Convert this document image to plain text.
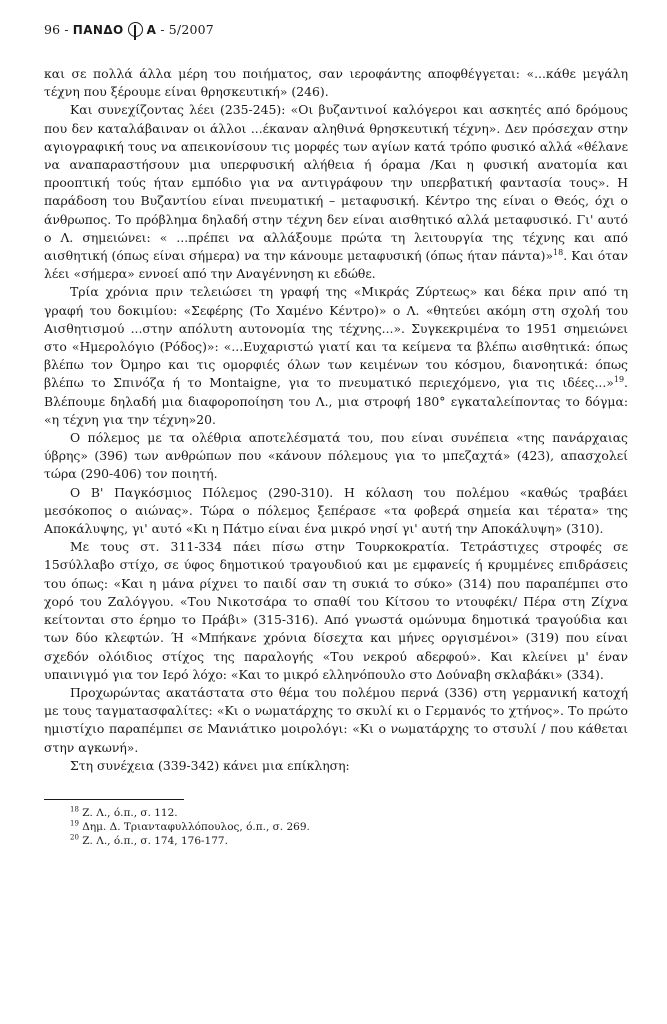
96 - ΠΑΝΔΟ Α - 5/2007

και σε πολλά άλλα μέρη του ποιήματος, σαν ιεροφάντης αποφθέγγεται: «...κάθε μεγάλη τέχνη που ξέρουμε είναι θρησκευτική» (246).

Και συνεχίζοντας λέει (235-245): «Οι βυζαντινοί καλόγεροι και ασκητές από δρόμους που δεν καταλάβαιναν οι άλλοι ...έκαναν αληθινά θρησκευτική τέχνη». Δεν πρόσεχαν στην αγιογραφική τους να απεικονίσουν τις μορφές των αγίων κατά τρόπο φυσικό αλλά «θέλανε να αναπαραστήσουν μια υπερφυσική αλήθεια ή όραμα /Και η φυσική ανατομία και προοπτική τούς ήταν εμπόδιο για να αντιγράφουν την υπερβατική φαντασία τους». Η παράδοση του Βυζαντίου είναι πνευματική – μεταφυσική. Κέντρο της είναι ο Θεός, όχι ο άνθρωπος. Το πρόβλημα δηλαδή στην τέχνη δεν είναι αισθητικό αλλά μεταφυσικό. Γι' αυτό ο Λ. σημειώνει: « ...πρέπει να αλλάξουμε πρώτα τη λειτουργία της τέχνης και από αισθητική (όπως είναι σήμερα) να την κάνουμε μεταφυσική (όπως ήταν πάντα)»$^{18}$. Και όταν λέει «σήμερα» εννοεί από την Αναγέννηση κι εδώθε.

Τρία χρόνια πριν τελειώσει τη γραφή της «Μικράς Ζύρτεως» και δέκα πριν από τη γραφή του δοκιμίου: «Σεφέρης (Το Χαμένο Κέντρο)» ο Λ. «θητεύει ακόμη στη σχολή του Αισθητισμού ...στην απόλυτη αυτονομία της τέχνης...». Συγκεκριμένα το 1951 σημειώνει στο «Ημερολόγιο (Ρόδος)»: «...Ευχαριστώ γιατί και τα κείμενα τα βλέπω αισθητικά: όπως βλέπω τον Όμηρο και τις ομορφιές όλων των κειμένων του κόσμου, διανοητικά: όπως βλέπω το Σπινόζα ή το Montaigne, για το πνευματικό περιεχόμενο, για τις ιδέες...»$^{19}$. Βλέπουμε δηλαδή μια διαφοροποίηση του Λ., μια στροφή 180° εγκαταλείποντας το δόγμα: «η τέχνη για την τέχνη»20.

Ο πόλεμος με τα ολέθρια αποτελέσματά του, που είναι συνέπεια «της πανάρχαιας ύβρης» (396) των ανθρώπων που «κάνουν πόλεμους για το μπεζαχτά» (423), απασχολεί τώρα (290-406) τον ποιητή.

Ο Β' Παγκόσμιος Πόλεμος (290-310). Η κόλαση του πολέμου «καθώς τραβάει μεσόκοπος ο αιώνας». Τώρα ο πόλεμος ξεπέρασε «τα φοβερά σημεία και τέρατα» της Αποκάλυψης, γι' αυτό «Κι η Πάτμο είναι ένα μικρό νησί γι' αυτή την Αποκάλυψη» (310).

Με τους στ. 311-334 πάει πίσω στην Τουρκοκρατία. Τετράστιχες στροφές σε 15σύλλαβο στίχο, σε ύφος δημοτικού τραγουδιού και με εμφανείς ή κρυμμένες επιδράσεις του όπως: «Και η μάνα ρίχνει το παιδί σαν τη συκιά το σύκο» (314) που παραπέμπει στο χορό του Ζαλόγγου. «Του Νικοτσάρα το σπαθί του Κίτσου το ντουφέκι/ Πέρα στη Ζίχνα κείτονται στο έρημο το Πράβι» (315-316). Από γνωστά ομώνυμα δημοτικά τραγούδια και των δύο κλεφτών. Ή «Μπήκανε χρόνια δίσεχτα και μήνες οργισμένοι» (319) που είναι σχεδόν ολόιδιος στίχος της παραλογής «Του νεκρού αδερφού». Και κλείνει μ' έναν υπαινιγμό για τον Ιερό λόχο: «Και το μικρό ελληνόπουλο στο Δούναβη σκλαβάκι» (334).

Προχωρώντας ακατάστατα στο θέμα του πολέμου περνά (336) στη γερμανική κατοχή με τους ταγματασφαλίτες: «Κι ο νωματάρχης το σκυλί κι ο Γερμανός το χτήνος». Το πρώτο ημιστίχιο παραπέμπει σε Μανιάτικο μοιρολόγι: «Κι ο νωματάρχης το στσυλί / που κάθεται στην αγκωνή».

Στη συνέχεια (339-342) κάνει μια επίκληση:

$^{18}$ Ζ. Λ., ό.π., σ. 112.
$^{19}$ Δημ. Δ. Τριανταφυλλόπουλος, ό.π., σ. 269.
$^{20}$ Ζ. Λ., ό.π., σ. 174, 176-177.
